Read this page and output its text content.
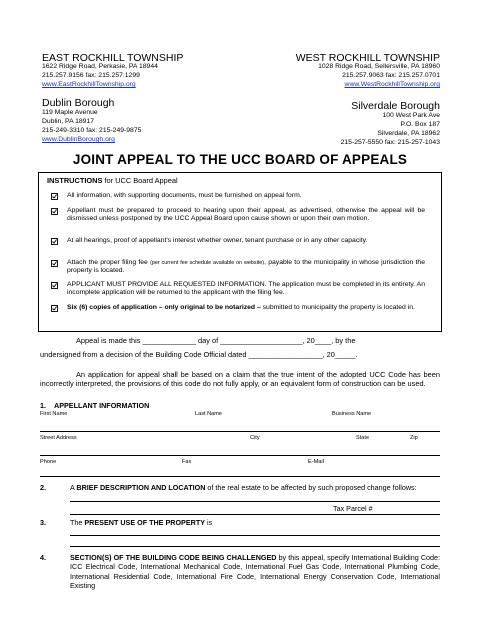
EAST ROCKHILL TOWNSHIP
1622 Ridge Road, Perkasie, PA 18944
215.257.9156 fax: 215.257.1299
www.EastRockhillTownship.org
WEST ROCKHILL TOWNSHIP
1028 Ridge Road, Sellersville, PA 18960
215.257.9063 fax: 215.257.0701
www.WestRockhillTownship.org
Dublin Borough
119 Maple Avenue
Dublin, PA 18917
215-249-3310 fax: 215-249-9875
www.DublinBorough.org
Silverdale Borough
100 West Park Ave
P.O. Box 187
Silverdale, PA 18962
215-257-5550 fax: 215-257-1043
JOINT APPEAL TO THE UCC BOARD OF APPEALS
INSTRUCTIONS for UCC Board Appeal
All information, with supporting documents, must be furnished on appeal form.
Appellant must be prepared to proceed to hearing upon their appeal, as advertised, otherwise the appeal will be dismissed unless postponed by the UCC Appeal Board upon cause shown or upon their own motion.
At all hearings, proof of appellant's interest whether owner, tenant purchase or in any other capacity.
Attach the proper filing fee (per current fee schedule available on website), payable to the municipality in whose jurisdiction the property is located.
APPLICANT MUST PROVIDE ALL REQUESTED INFORMATION. The application must be completed in its entirety. An incomplete application will be returned to the applicant with the filing fee.
Six (6) copies of application – only original to be notarized – submitted to municipality the property is located in.
Appeal is made this _____________ day of ____________________, 20____, by the
undersigned from a decision of the Building Code Official dated __________________, 20_____.
An application for appeal shall be based on a claim that the true intent of the adopted UCC Code has been incorrectly interpreted, the provisions of this code do not fully apply, or an equivalent form of construction can be used.
1. APPELLANT INFORMATION
First Name	Last Name	Business Name
Street Address	City	State	Zip
Phone	Fax	E-Mail
2.	A BRIEF DESCRIPTION AND LOCATION of the real estate to be affected by such proposed change follows:
Tax Parcel #
3.	The PRESENT USE OF THE PROPERTY is
4.	SECTION(S) OF THE BUILDING CODE BEING CHALLENGED by this appeal, specify International Building Code: ICC Electrical Code, International Mechanical Code, International Fuel Gas Code, International Plumbing Code, International Residential Code, International Fire Code, International Energy Conservation Code, International Existing
